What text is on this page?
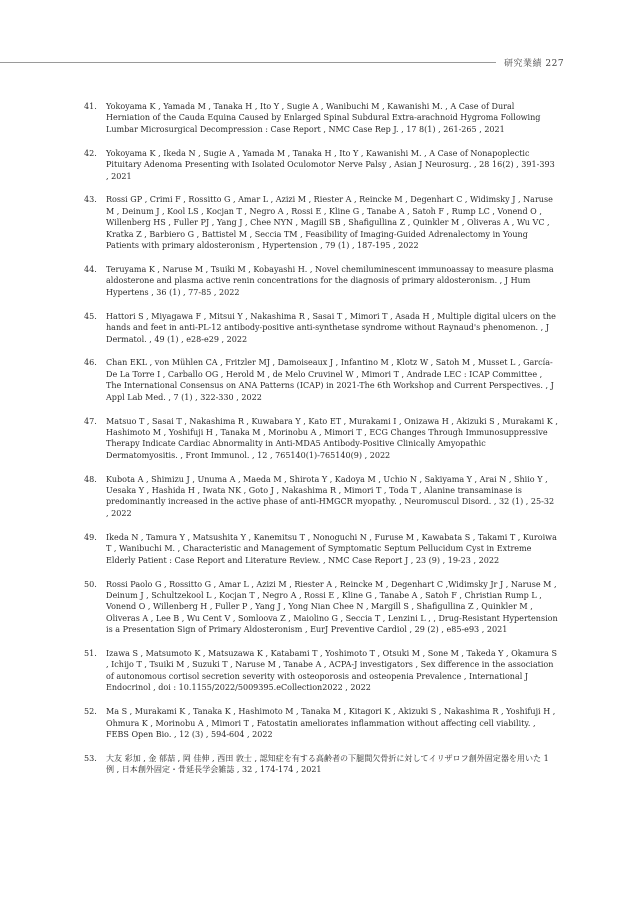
研究業績 227
41.	Yokoyama K , Yamada M , Tanaka H , Ito Y , Sugie A , Wanibuchi M , Kawanishi M. , A Case of Dural Herniation of the Cauda Equina Caused by Enlarged Spinal Subdural Extra-arachnoid Hygroma Following Lumbar Microsurgical Decompression : Case Report , NMC Case Rep J. , 17 8(1) , 261-265 , 2021
42.	Yokoyama K , Ikeda N , Sugie A , Yamada M , Tanaka H , Ito Y , Kawanishi M. , A Case of Nonapoplectic Pituitary Adenoma Presenting with Isolated Oculomotor Nerve Palsy , Asian J Neurosurg. , 28 16(2) , 391-393 , 2021
43.	Rossi GP , Crimi F , Rossitto G , Amar L , Azizi M , Riester A , Reincke M , Degenhart C , Widimsky J , Naruse M , Deinum J , Kool LS , Kocjan T , Negro A , Rossi E , Kline G , Tanabe A , Satoh F , Rump LC , Vonend O , Willenberg HS , Fuller PJ , Yang J , Chee NYN , Magill SB , Shafigullina Z , Quinkler M , Oliveras A , Wu VC , Kratka Z , Barbiero G , Battistel M , Seccia TM , Feasibility of Imaging-Guided Adrenalectomy in Young Patients with primary aldosteronism , Hypertension , 79 (1) , 187-195 , 2022
44.	Teruyama K , Naruse M , Tsuiki M , Kobayashi H. , Novel chemiluminescent immunoassay to measure plasma aldosterone and plasma active renin concentrations for the diagnosis of primary aldosteronism. , J Hum Hypertens , 36 (1) , 77-85 , 2022
45.	Hattori S , Miyagawa F , Mitsui Y , Nakashima R , Sasai T , Mimori T , Asada H , Multiple digital ulcers on the hands and feet in anti-PL-12 antibody-positive anti-synthetase syndrome without Raynaud's phenomenon. , J Dermatol. , 49 (1) , e28-e29 , 2022
46.	Chan EKL , von Mühlen CA , Fritzler MJ , Damoiseaux J , Infantino M , Klotz W , Satoh M , Musset L , García-De La Torre I , Carballo OG , Herold M , de Melo Cruvinel W , Mimori T , Andrade LEC : ICAP Committee , The International Consensus on ANA Patterns (ICAP) in 2021-The 6th Workshop and Current Perspectives. , J Appl Lab Med. , 7 (1) , 322-330 , 2022
47.	Matsuo T , Sasai T , Nakashima R , Kuwabara Y , Kato ET , Murakami I , Onizawa H , Akizuki S , Murakami K , Hashimoto M , Yoshifuji H , Tanaka M , Morinobu A , Mimori T , ECG Changes Through Immunosuppressive Therapy Indicate Cardiac Abnormality in Anti-MDA5 Antibody-Positive Clinically Amyopathic Dermatomyositis. , Front Immunol. , 12 , 765140(1)-765140(9) , 2022
48.	Kubota A , Shimizu J , Unuma A , Maeda M , Shirota Y , Kadoya M , Uchio N , Sakiyama Y , Arai N , Shiio Y , Uesaka Y , Hashida H , Iwata NK , Goto J , Nakashima R , Mimori T , Toda T , Alanine transaminase is predominantly increased in the active phase of anti-HMGCR myopathy. , Neuromuscul Disord. , 32 (1) , 25-32 , 2022
49.	Ikeda N , Tamura Y , Matsushita Y , Kanemitsu T , Nonoguchi N , Furuse M , Kawabata S , Takami T , Kuroiwa T , Wanibuchi M. , Characteristic and Management of Symptomatic Septum Pellucidum Cyst in Extreme Elderly Patient : Case Report and Literature Review. , NMC Case Report J , 23 (9) , 19-23 , 2022
50.	Rossi Paolo G , Rossitto G , Amar L , Azizi M , Riester A , Reincke M , Degenhart C ,Widimsky Jr J , Naruse M , Deinum J , Schultzekool L , Kocjan T , Negro A , Rossi E , Kline G , Tanabe A , Satoh F , Christian Rump L , Vonend O , Willenberg H , Fuller P , Yang J , Yong Nian Chee N , Margill S , Shafigullina Z , Quinkler M , Oliveras A , Lee B , Wu Cent V , Somloova Z , Maiolino G , Seccia T , Lenzini L , , Drug-Resistant Hypertension is a Presentation Sign of Primary Aldosteronism , EurJ Preventive Cardiol , 29 (2) , e85-e93 , 2021
51.	Izawa S , Matsumoto K , Matsuzawa K , Katabami T , Yoshimoto T , Otsuki M , Sone M , Takeda Y , Okamura S , Ichijo T , Tsuiki M , Suzuki T , Naruse M , Tanabe A , ACPA-J investigators , Sex difference in the association of autonomous cortisol secretion severity with osteoporosis and osteopenia Prevalence , International J Endocrinol , doi : 10.1155/2022/5009395.eCollection2022 , 2022
52.	Ma S , Murakami K , Tanaka K , Hashimoto M , Tanaka M , Kitagori K , Akizuki S , Nakashima R , Yoshifuji H , Ohmura K , Morinobu A , Mimori T , Fatostatin ameliorates inflammation without affecting cell viability. , FEBS Open Bio. , 12 (3) , 594-604 , 2022
53.	大友 彩加 , 金 郁喆 , 岡 佳伸 , 西田 敦士 , 認知症を有する高齢者の下腿間欠骨折に対してイリザロフ創外固定器を用いた 1 例 , 日本創外固定・骨延長学会雑誌 , 32 , 174-174 , 2021
